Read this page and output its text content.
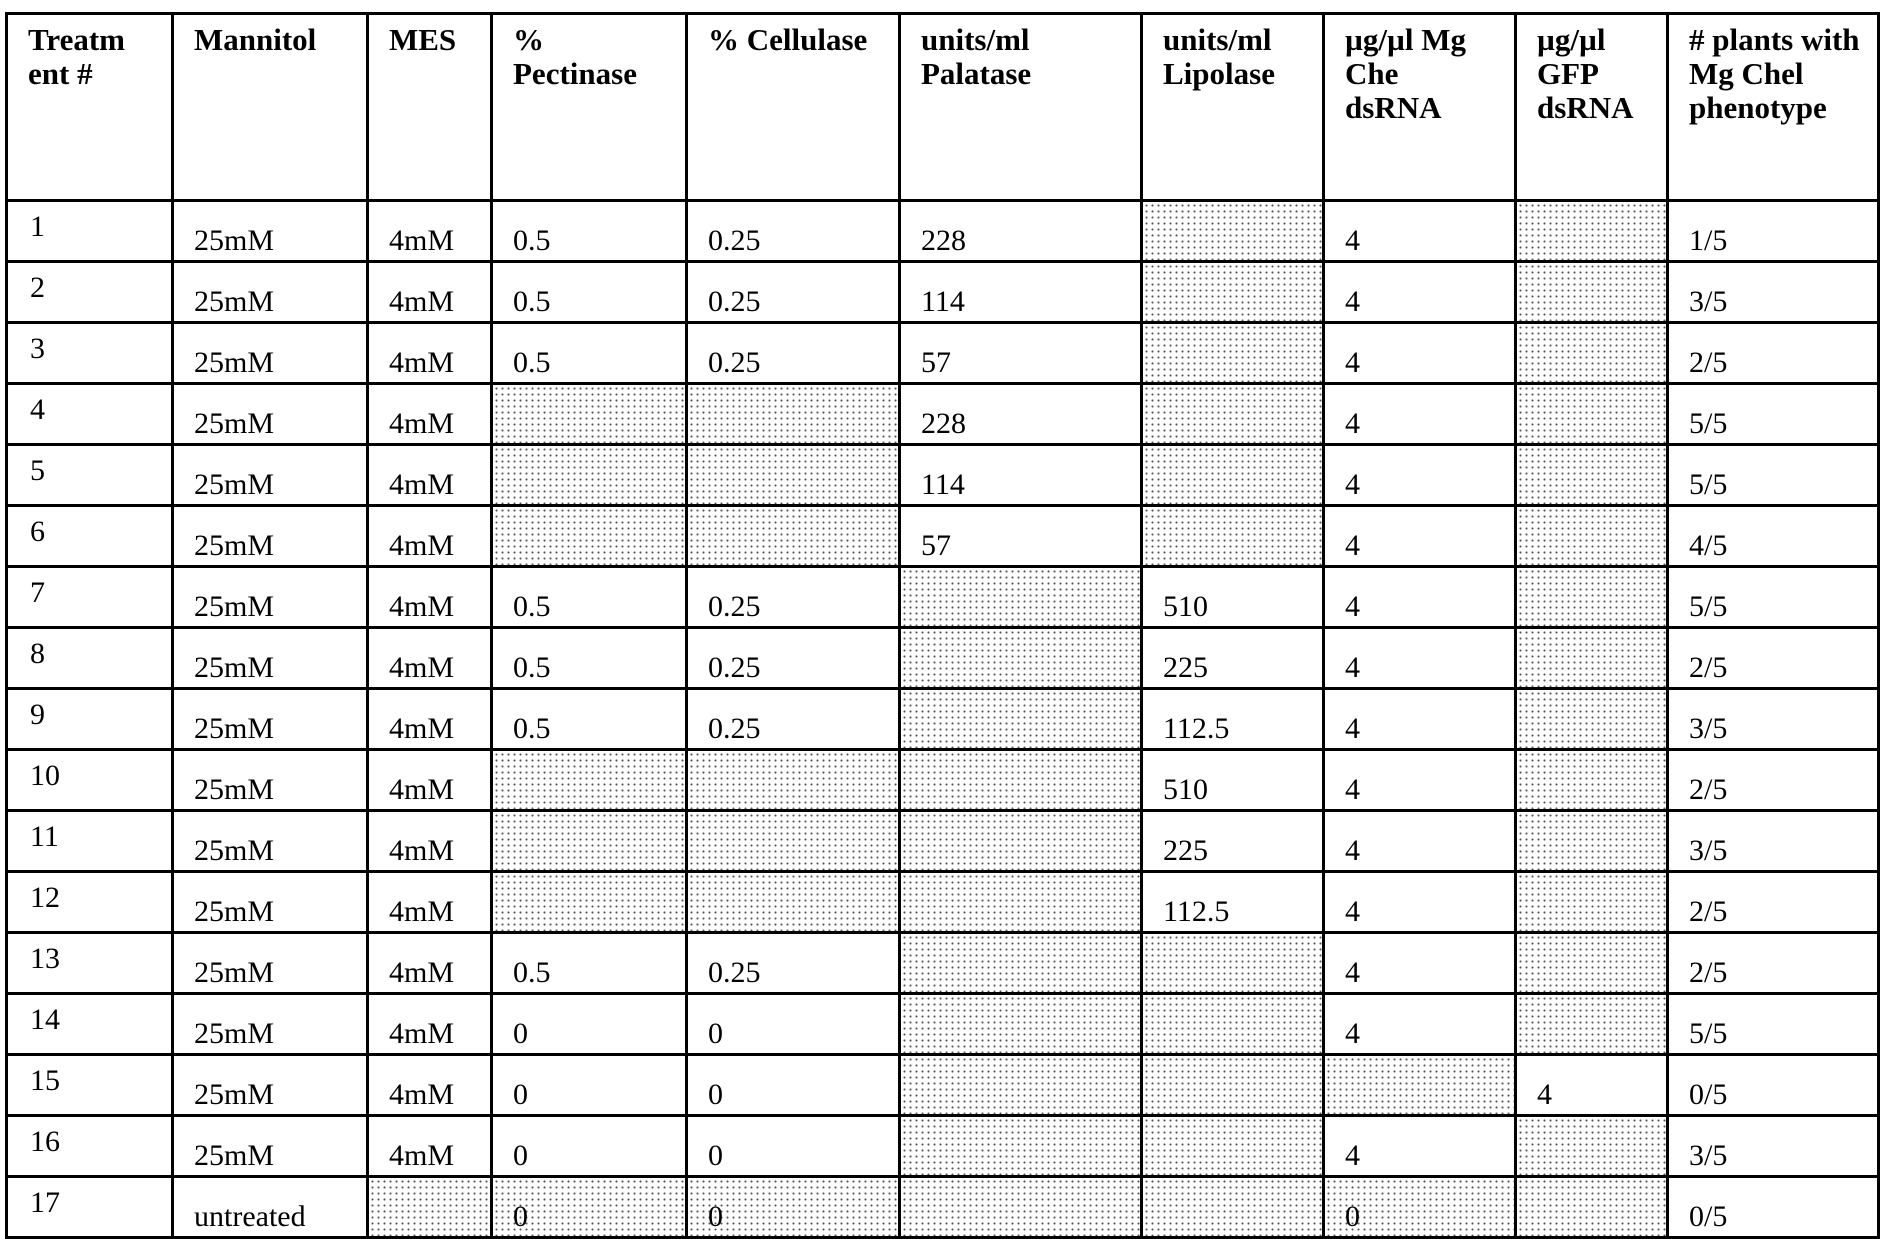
Treatm ent #	Mannitol	MES	% Pectinase	% Cellulase	units/ml Palatase	units/ml Lipolase	µg/µl Mg Che dsRNA	µg/µl GFP dsRNA	# plants with Mg Chel phenotype

1	25mM	4mM	0.5	0.25	228		4		1/5

2	25mM	4mM	0.5	0.25	114		4		3/5

3	25mM	4mM	0.5	0.25	57		4		2/5

4	25mM	4mM			228		4		5/5

5	25mM	4mM			114		4		5/5

6	25mM	4mM			57		4		4/5

7	25mM	4mM	0.5	0.25		510	4		5/5

8	25mM	4mM	0.5	0.25		225	4		2/5

9	25mM	4mM	0.5	0.25		112.5	4		3/5

10	25mM	4mM				510	4		2/5

11	25mM	4mM				225	4		3/5

12	25mM	4mM				112.5	4		2/5

13	25mM	4mM	0.5	0.25			4		2/5

14	25mM	4mM	0	0			4		5/5

15	25mM	4mM	0	0				4	0/5

16	25mM	4mM	0	0			4		3/5

17	untreated		0	0			0		0/5
